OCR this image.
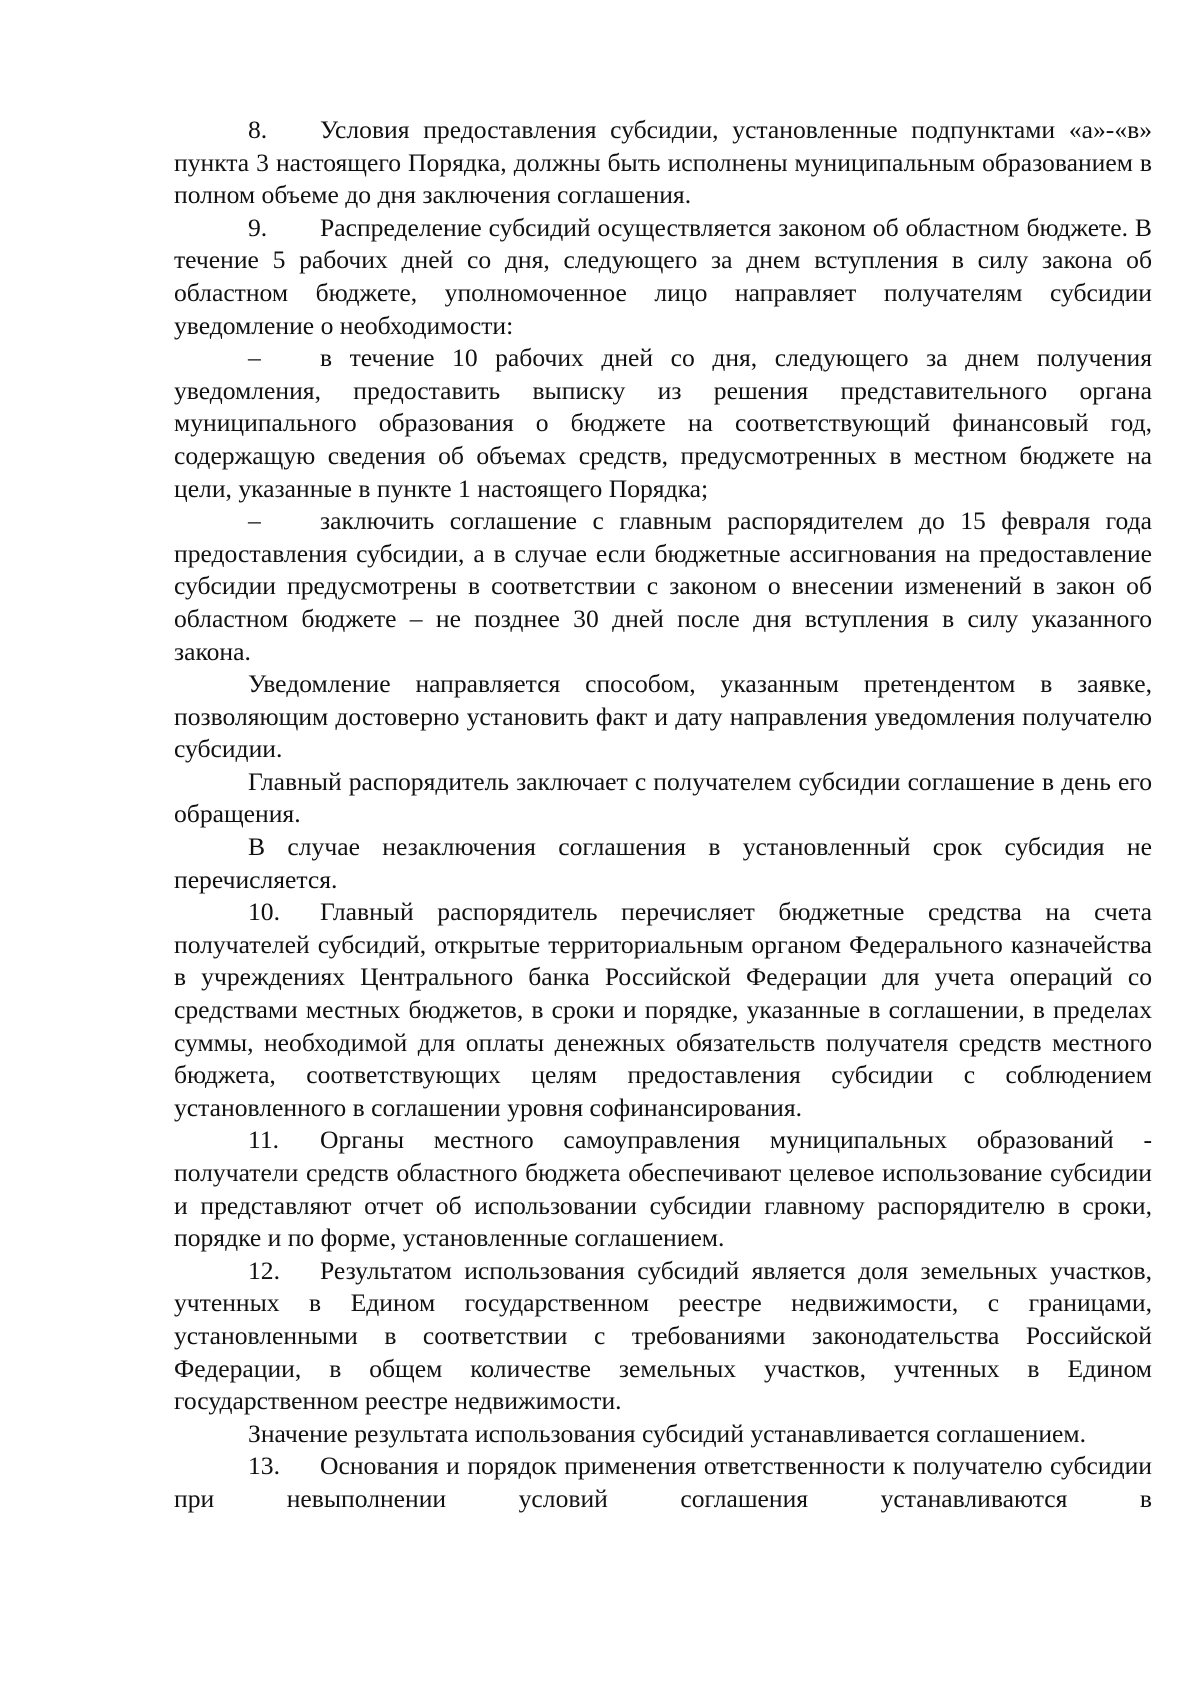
8. Условия предоставления субсидии, установленные подпунктами «а»-«в» пункта 3 настоящего Порядка, должны быть исполнены муниципальным образованием в полном объеме до дня заключения соглашения.

9. Распределение субсидий осуществляется законом об областном бюджете. В течение 5 рабочих дней со дня, следующего за днем вступления в силу закона об областном бюджете, уполномоченное лицо направляет получателям субсидии уведомление о необходимости:

– в течение 10 рабочих дней со дня, следующего за днем получения уведомления, предоставить выписку из решения представительного органа муниципального образования о бюджете на соответствующий финансовый год, содержащую сведения об объемах средств, предусмотренных в местном бюджете на цели, указанные в пункте 1 настоящего Порядка;

– заключить соглашение с главным распорядителем до 15 февраля года предоставления субсидии, а в случае если бюджетные ассигнования на предоставление субсидии предусмотрены в соответствии с законом о внесении изменений в закон об областном бюджете – не позднее 30 дней после дня вступления в силу указанного закона.

Уведомление направляется способом, указанным претендентом в заявке, позволяющим достоверно установить факт и дату направления уведомления получателю субсидии.

Главный распорядитель заключает с получателем субсидии соглашение в день его обращения.

В случае незаключения соглашения в установленный срок субсидия не перечисляется.

10. Главный распорядитель перечисляет бюджетные средства на счета получателей субсидий, открытые территориальным органом Федерального казначейства в учреждениях Центрального банка Российской Федерации для учета операций со средствами местных бюджетов, в сроки и порядке, указанные в соглашении, в пределах суммы, необходимой для оплаты денежных обязательств получателя средств местного бюджета, соответствующих целям предоставления субсидии с соблюдением установленного в соглашении уровня софинансирования.

11. Органы местного самоуправления муниципальных образований - получатели средств областного бюджета обеспечивают целевое использование субсидии и представляют отчет об использовании субсидии главному распорядителю в сроки, порядке и по форме, установленные соглашением.

12. Результатом использования субсидий является доля земельных участков, учтенных в Едином государственном реестре недвижимости, с границами, установленными в соответствии с требованиями законодательства Российской Федерации, в общем количестве земельных участков, учтенных в Едином государственном реестре недвижимости.

Значение результата использования субсидий устанавливается соглашением.

13. Основания и порядок применения ответственности к получателю субсидии при невыполнении условий соглашения устанавливаются в
